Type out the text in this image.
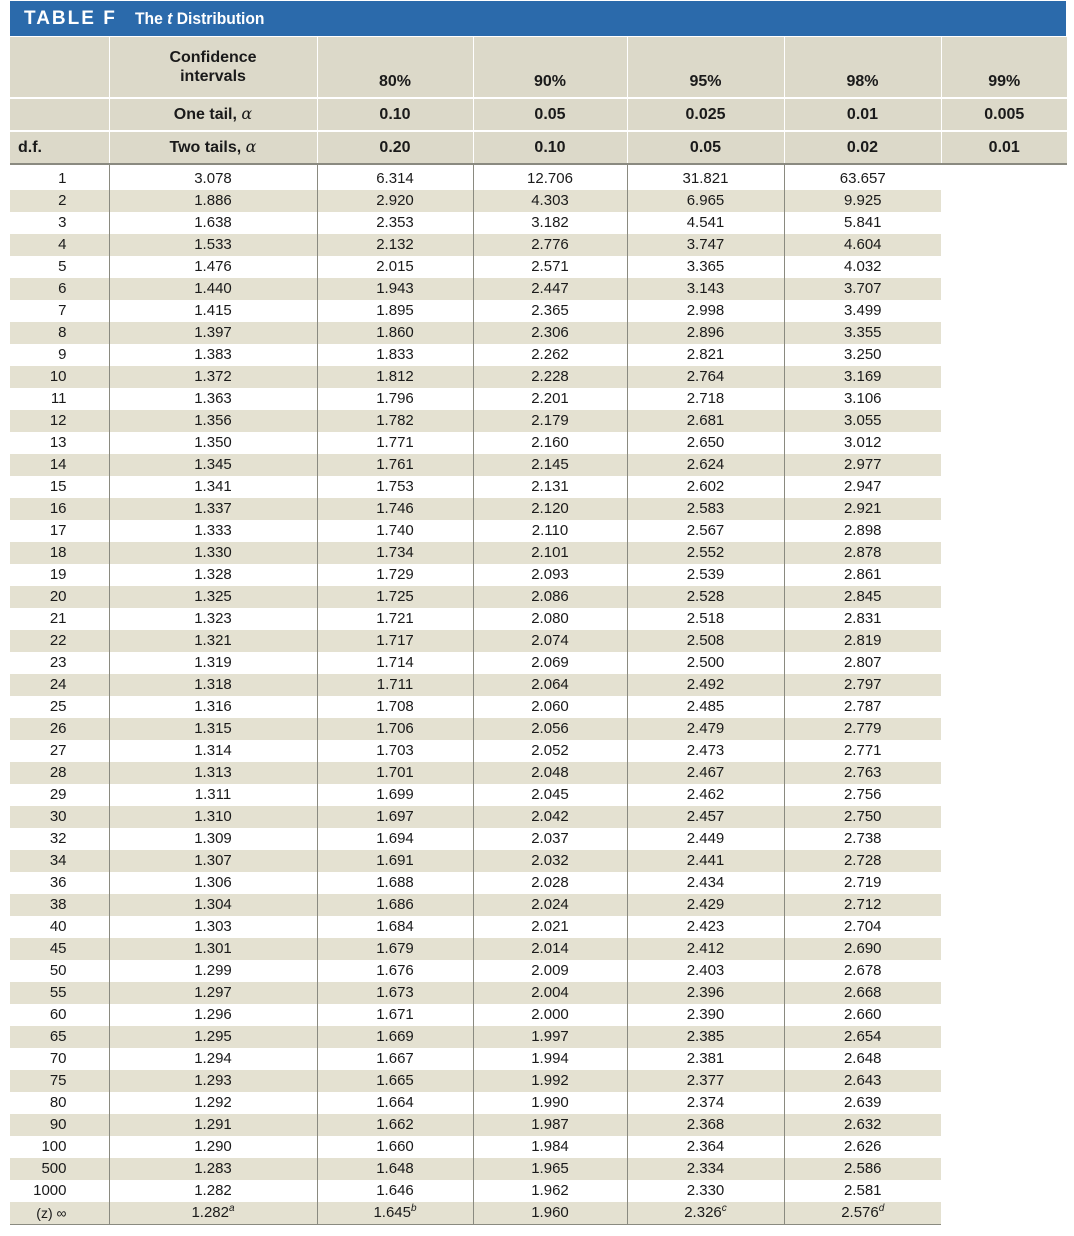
TABLE F The t Distribution
	Confidence
intervals	80%	90%	95%	98%	99%
	One tail, α	0.10	0.05	0.025	0.01	0.005
d.f.	Two tails, α	0.20	0.10	0.05	0.02	0.01
1	3.078	6.314	12.706	31.821	63.657	
2	1.886	2.920	4.303	6.965	9.925	
3	1.638	2.353	3.182	4.541	5.841	
4	1.533	2.132	2.776	3.747	4.604	
5	1.476	2.015	2.571	3.365	4.032	
6	1.440	1.943	2.447	3.143	3.707	
7	1.415	1.895	2.365	2.998	3.499	
8	1.397	1.860	2.306	2.896	3.355	
9	1.383	1.833	2.262	2.821	3.250	
10	1.372	1.812	2.228	2.764	3.169	
11	1.363	1.796	2.201	2.718	3.106	
12	1.356	1.782	2.179	2.681	3.055	
13	1.350	1.771	2.160	2.650	3.012	
14	1.345	1.761	2.145	2.624	2.977	
15	1.341	1.753	2.131	2.602	2.947	
16	1.337	1.746	2.120	2.583	2.921	
17	1.333	1.740	2.110	2.567	2.898	
18	1.330	1.734	2.101	2.552	2.878	
19	1.328	1.729	2.093	2.539	2.861	
20	1.325	1.725	2.086	2.528	2.845	
21	1.323	1.721	2.080	2.518	2.831	
22	1.321	1.717	2.074	2.508	2.819	
23	1.319	1.714	2.069	2.500	2.807	
24	1.318	1.711	2.064	2.492	2.797	
25	1.316	1.708	2.060	2.485	2.787	
26	1.315	1.706	2.056	2.479	2.779	
27	1.314	1.703	2.052	2.473	2.771	
28	1.313	1.701	2.048	2.467	2.763	
29	1.311	1.699	2.045	2.462	2.756	
30	1.310	1.697	2.042	2.457	2.750	
32	1.309	1.694	2.037	2.449	2.738	
34	1.307	1.691	2.032	2.441	2.728	
36	1.306	1.688	2.028	2.434	2.719	
38	1.304	1.686	2.024	2.429	2.712	
40	1.303	1.684	2.021	2.423	2.704	
45	1.301	1.679	2.014	2.412	2.690	
50	1.299	1.676	2.009	2.403	2.678	
55	1.297	1.673	2.004	2.396	2.668	
60	1.296	1.671	2.000	2.390	2.660	
65	1.295	1.669	1.997	2.385	2.654	
70	1.294	1.667	1.994	2.381	2.648	
75	1.293	1.665	1.992	2.377	2.643	
80	1.292	1.664	1.990	2.374	2.639	
90	1.291	1.662	1.987	2.368	2.632	
100	1.290	1.660	1.984	2.364	2.626	
500	1.283	1.648	1.965	2.334	2.586	
1000	1.282	1.646	1.962	2.330	2.581	
(z) ∞	1.282$^a$	1.645$^b$	1.960	2.326$^c$	2.576$^d$
